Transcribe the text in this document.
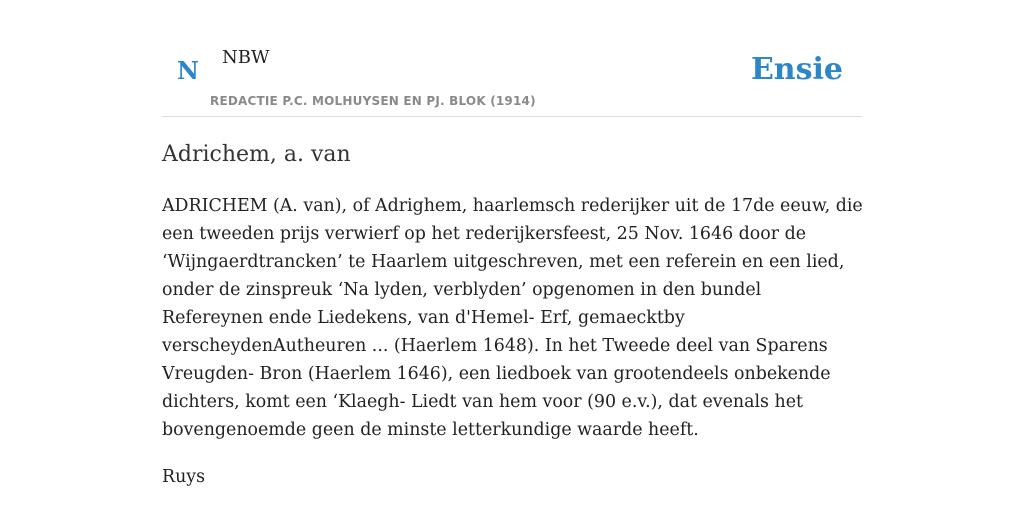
N NBW
REDACTIE P.C. MOLHUYSEN EN PJ. BLOK (1914)
Ensie
Adrichem, a. van

ADRICHEM (A. van), of Adrighem, haarlemsch rederijker uit de 17de eeuw, die een tweeden prijs verwierf op het rederijkersfeest, 25 Nov. 1646 door de ‘Wijngaerdtrancken’ te Haarlem uitgeschreven, met een referein en een lied, onder de zinspreuk ‘Na lyden, verblyden’ opgenomen in den bundel Refereynen ende Liedekens, van d'Hemel- Erf, gemaecktby verscheydenAutheuren ... (Haerlem 1648). In het Tweede deel van Sparens Vreugden- Bron (Haerlem 1646), een liedboek van grootendeels onbekende dichters, komt een ‘Klaegh- Liedt van hem voor (90 e.v.), dat evenals het bovengenoemde geen de minste letterkundige waarde heeft.

Ruys
